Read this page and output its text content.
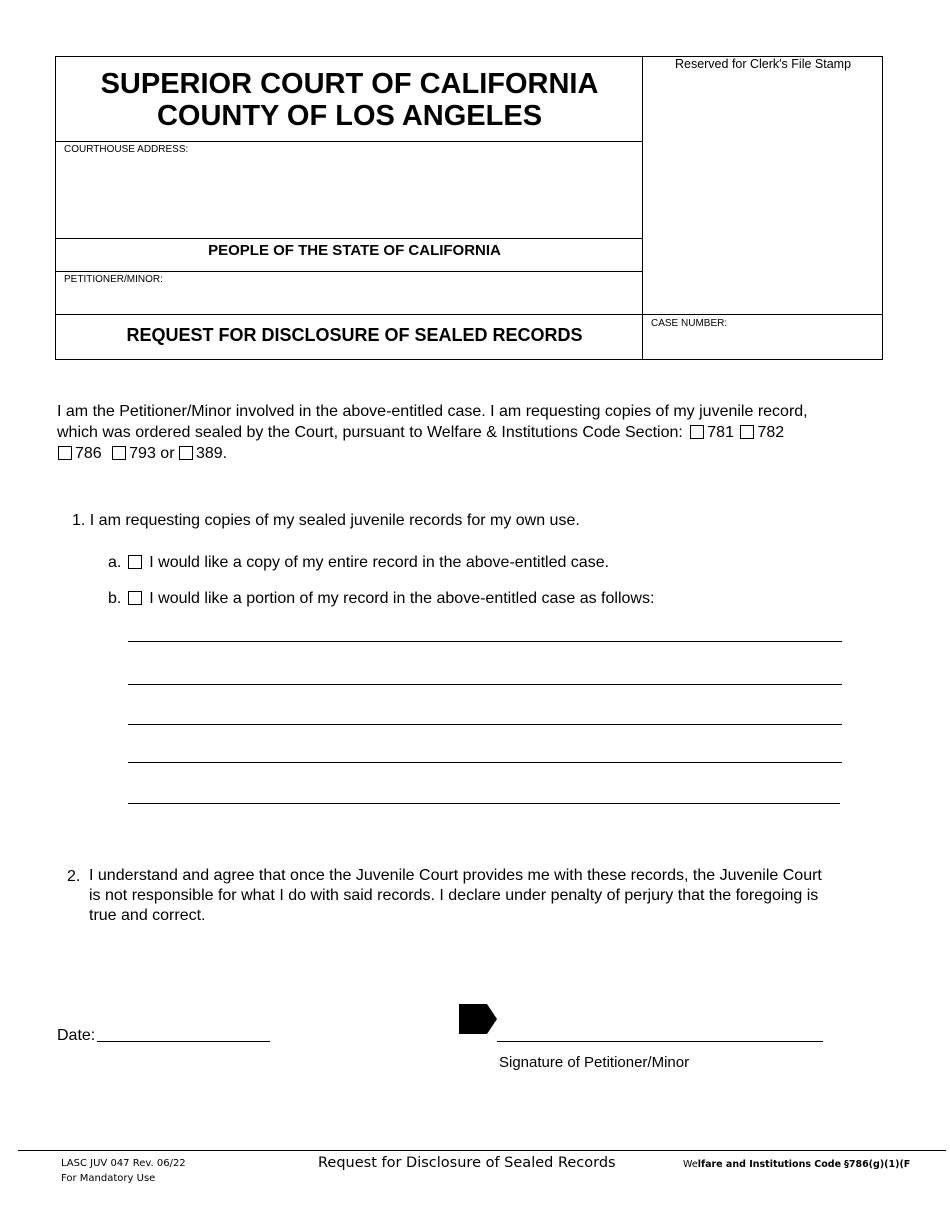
SUPERIOR COURT OF CALIFORNIA
COUNTY OF LOS ANGELES
COURTHOUSE ADDRESS:
PEOPLE OF THE STATE OF CALIFORNIA
PETITIONER/MINOR:
REQUEST FOR DISCLOSURE OF SEALED RECORDS
Reserved for Clerk's File Stamp
CASE NUMBER:
I am the Petitioner/Minor involved in the above-entitled case. I am requesting copies of my juvenile record,
which was ordered sealed by the Court, pursuant to Welfare & Institutions Code Section: 781 782
786 793 or 389.
1. I am requesting copies of my sealed juvenile records for my own use.
a. I would like a copy of my entire record in the above-entitled case.
b. I would like a portion of my record in the above-entitled case as follows:
2. I understand and agree that once the Juvenile Court provides me with these records, the Juvenile Court
is not responsible for what I do with said records. I declare under penalty of perjury that the foregoing is
true and correct.
Date:
Signature of Petitioner/Minor
LASC JUV 047 Rev. 06/22
For Mandatory Use
Request for Disclosure of Sealed Records	Welfare and Institutions Code §786(g)(1)(F
